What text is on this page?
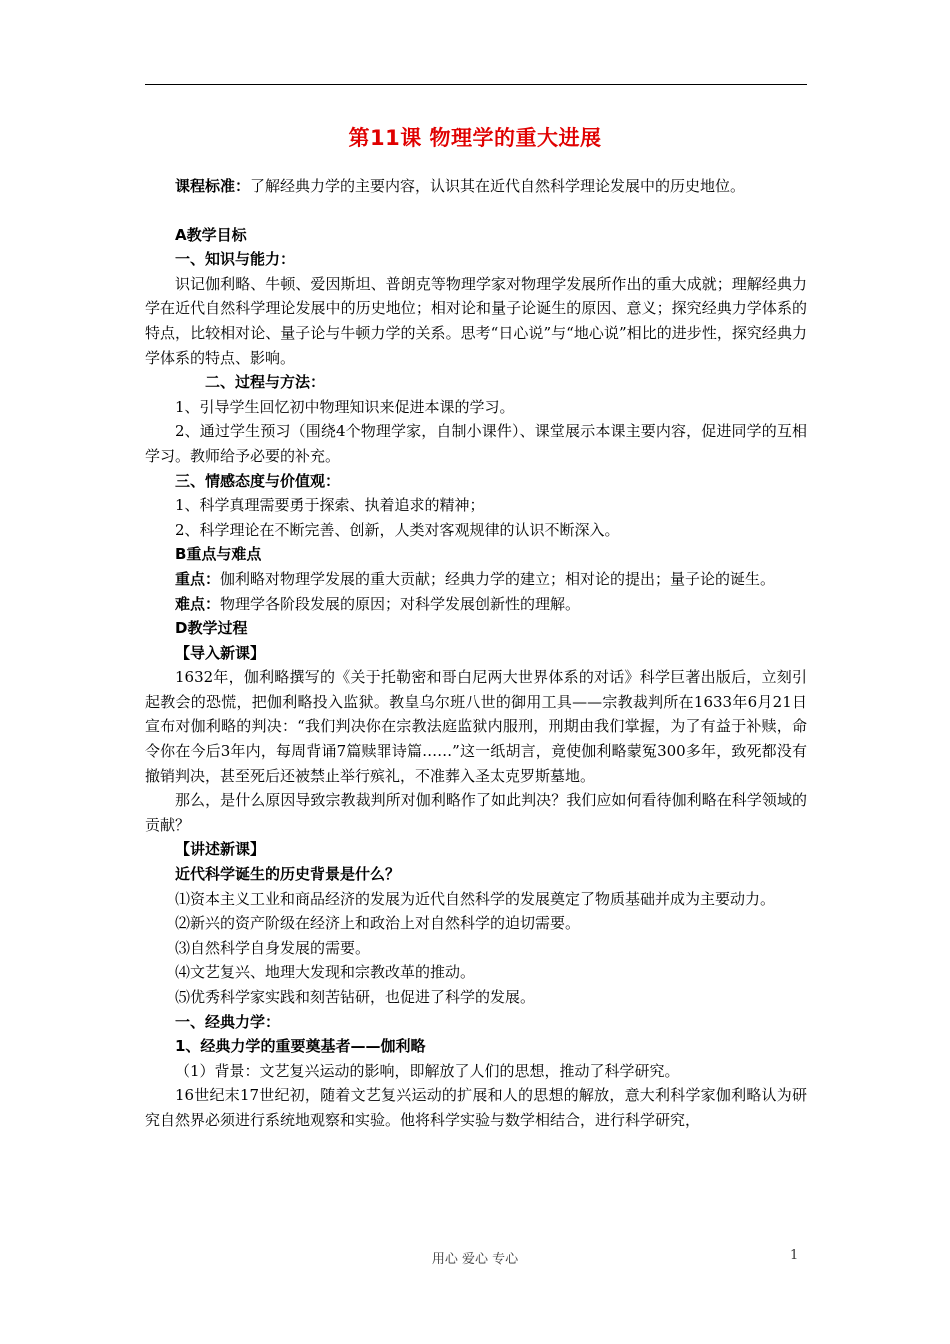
第11课 物理学的重大进展

课程标准：了解经典力学的主要内容，认识其在近代自然科学理论发展中的历史地位。

A教学目标

一、知识与能力：

识记伽利略、牛顿、爱因斯坦、普朗克等物理学家对物理学发展所作出的重大成就；理解经典力学在近代自然科学理论发展中的历史地位；相对论和量子论诞生的原因、意义；探究经典力学体系的特点，比较相对论、量子论与牛顿力学的关系。思考“日心说”与“地心说”相比的进步性，探究经典力学体系的特点、影响。

二、过程与方法：

1、引导学生回忆初中物理知识来促进本课的学习。

2、通过学生预习（围绕4个物理学家，自制小课件）、课堂展示本课主要内容，促进同学的互相学习。教师给予必要的补充。

三、情感态度与价值观：

1、科学真理需要勇于探索、执着追求的精神；

2、科学理论在不断完善、创新，人类对客观规律的认识不断深入。

B重点与难点

重点：伽利略对物理学发展的重大贡献；经典力学的建立；相对论的提出；量子论的诞生。

难点：物理学各阶段发展的原因；对科学发展创新性的理解。

D教学过程

【导入新课】

1632年，伽利略撰写的《关于托勒密和哥白尼两大世界体系的对话》科学巨著出版后，立刻引起教会的恐慌，把伽利略投入监狱。教皇乌尔班八世的御用工具——宗教裁判所在1633年6月21日宣布对伽利略的判决：“我们判决你在宗教法庭监狱内服刑，刑期由我们掌握，为了有益于补赎，命令你在今后3年内，每周背诵7篇赎罪诗篇……”这一纸胡言，竟使伽利略蒙冤300多年，致死都没有撤销判决，甚至死后还被禁止举行殡礼，不准葬入圣太克罗斯墓地。

那么，是什么原因导致宗教裁判所对伽利略作了如此判决？我们应如何看待伽利略在科学领域的贡献？

【讲述新课】

近代科学诞生的历史背景是什么？

⑴资本主义工业和商品经济的发展为近代自然科学的发展奠定了物质基础并成为主要动力。

⑵新兴的资产阶级在经济上和政治上对自然科学的迫切需要。

⑶自然科学自身发展的需要。

⑷文艺复兴、地理大发现和宗教改革的推动。

⑸优秀科学家实践和刻苦钻研，也促进了科学的发展。

一、经典力学：

1、经典力学的重要奠基者——伽利略

（1）背景：文艺复兴运动的影响，即解放了人们的思想，推动了科学研究。

16世纪末17世纪初，随着文艺复兴运动的扩展和人的思想的解放，意大利科学家伽利略认为研究自然界必须进行系统地观察和实验。他将科学实验与数学相结合，进行科学研究，

用心 爱心 专心	1
